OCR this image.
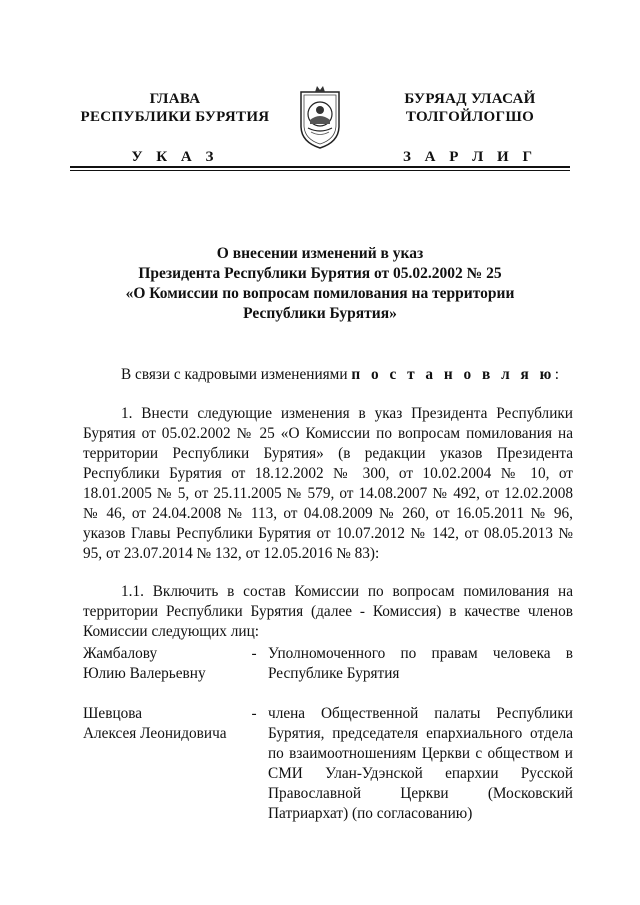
ГЛАВА
РЕСПУБЛИКИ БУРЯТИЯ
У К А З
БУРЯАД УЛАСАЙ
ТОЛГОЙЛОГШО
З А Р Л И Г
О внесении изменений в указ
Президента Республики Бурятия от 05.02.2002 № 25
«О Комиссии по вопросам помилования на территории
Республики Бурятия»
В связи с кадровыми изменениями п о с т а н о в л я ю:
1. Внести следующие изменения в указ Президента Республики Бурятия от 05.02.2002 № 25 «О Комиссии по вопросам помилования на территории Республики Бурятия» (в редакции указов Президента Республики Бурятия от 18.12.2002 № 300, от 10.02.2004 № 10, от 18.01.2005 № 5, от 25.11.2005 № 579, от 14.08.2007 № 492, от 12.02.2008 № 46, от 24.04.2008 № 113, от 04.08.2009 № 260, от 16.05.2011 № 96, указов Главы Республики Бурятия от 10.07.2012 № 142, от 08.05.2013 № 95, от 23.07.2014 № 132, от 12.05.2016 № 83):
1.1. Включить в состав Комиссии по вопросам помилования на территории Республики Бурятия (далее - Комиссия) в качестве членов Комиссии следующих лиц:
Жамбалову
Юлию Валерьевну
- Уполномоченного по правам человека в Республике Бурятия
Шевцова
Алексея Леонидовича
- члена Общественной палаты Республики Бурятия, председателя епархиального отдела по взаимоотношениям Церкви с обществом и СМИ Улан-Удэнской епархии Русской Православной Церкви (Московский Патриархат) (по согласованию)
